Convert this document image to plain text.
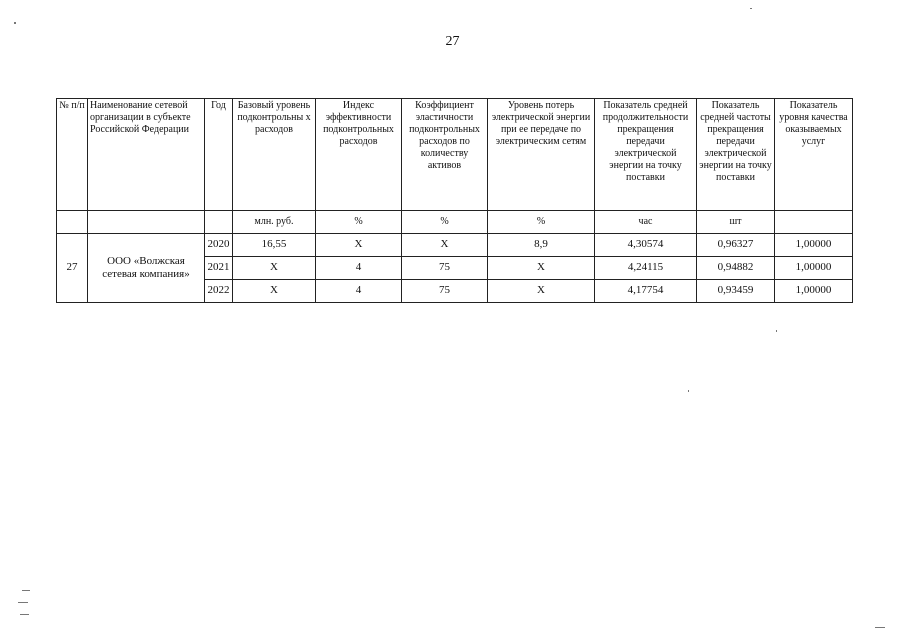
27
№ п/п	Наименование сетевой организации в субъекте Российской Федерации	Год	Базовый уровень подконтрольны х расходов	Индекс эффективности подконтрольных расходов	Коэффициент эластичности подконтрольных расходов по количеству активов	Уровень потерь электрической энергии при ее передаче по электрическим сетям	Показатель средней продолжительности прекращения передачи электрической энергии на точку поставки	Показатель средней частоты прекращения передачи электрической энергии на точку поставки	Показатель уровня качества оказываемых услуг
			млн. руб.	%	%	%	час	шт	
27	ООО «Волжская сетевая компания»	2020	16,55	X	X	8,9	4,30574	0,96327	1,00000
		2021	X	4	75	X	4,24115	0,94882	1,00000
		2022	X	4	75	X	4,17754	0,93459	1,00000
